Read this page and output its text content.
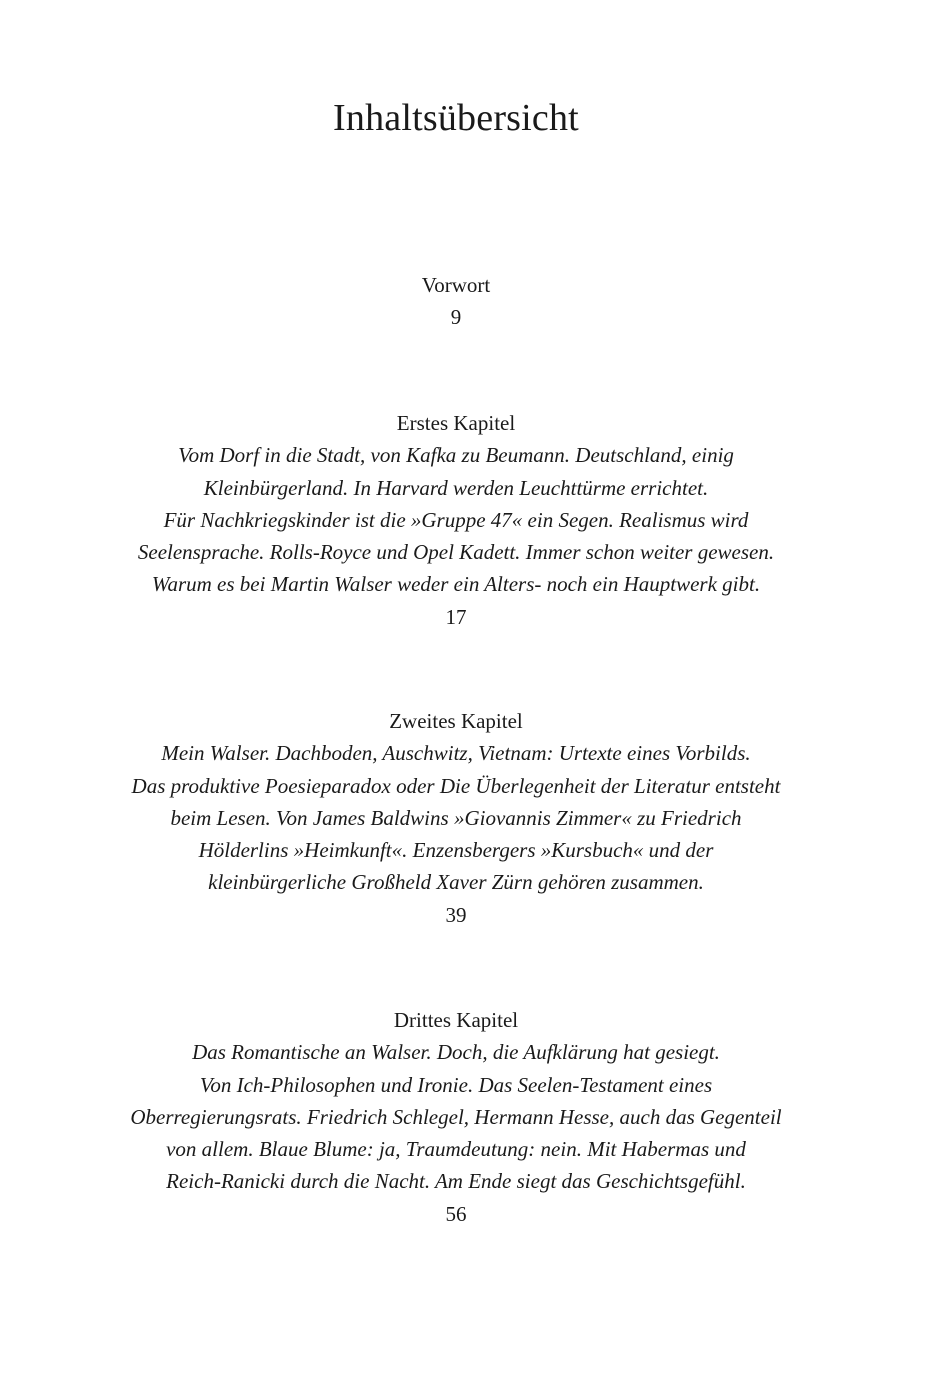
Inhaltsübersicht
Vorwort
9
Erstes Kapitel
Vom Dorf in die Stadt, von Kafka zu Beumann. Deutschland, einig
Kleinbürgerland. In Harvard werden Leuchttürme errichtet.
Für Nachkriegskinder ist die »Gruppe 47« ein Segen. Realismus wird
Seelensprache. Rolls-Royce und Opel Kadett. Immer schon weiter gewesen.
Warum es bei Martin Walser weder ein Alters- noch ein Hauptwerk gibt.
17
Zweites Kapitel
Mein Walser. Dachboden, Auschwitz, Vietnam: Urtexte eines Vorbilds.
Das produktive Poesieparadox oder Die Überlegenheit der Literatur entsteht
beim Lesen. Von James Baldwins »Giovannis Zimmer« zu Friedrich
Hölderlins »Heimkunft«. Enzensbergers »Kursbuch« und der
kleinbürgerliche Großheld Xaver Zürn gehören zusammen.
39
Drittes Kapitel
Das Romantische an Walser. Doch, die Aufklärung hat gesiegt.
Von Ich-Philosophen und Ironie. Das Seelen-Testament eines
Oberregierungsrats. Friedrich Schlegel, Hermann Hesse, auch das Gegenteil
von allem. Blaue Blume: ja, Traumdeutung: nein. Mit Habermas und
Reich-Ranicki durch die Nacht. Am Ende siegt das Geschichtsgefühl.
56
